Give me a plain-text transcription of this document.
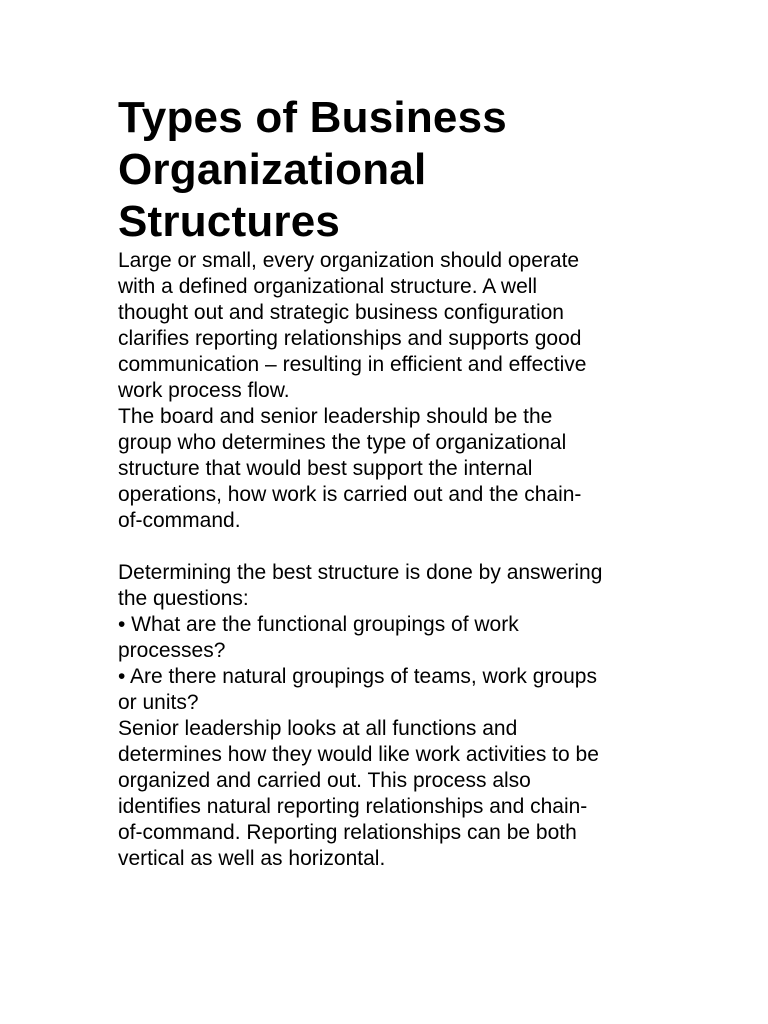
Types of Business
Organizational
Structures

Large or small, every organization should operate
with a defined organizational structure. A well
thought out and strategic business configuration
clarifies reporting relationships and supports good
communication – resulting in efficient and effective
work process flow.

The board and senior leadership should be the
group who determines the type of organizational
structure that would best support the internal
operations, how work is carried out and the chain-
of-command.

Determining the best structure is done by answering
the questions:

• What are the functional groupings of work
processes?

• Are there natural groupings of teams, work groups
or units?

Senior leadership looks at all functions and
determines how they would like work activities to be
organized and carried out. This process also
identifies natural reporting relationships and chain-
of-command. Reporting relationships can be both
vertical as well as horizontal.
